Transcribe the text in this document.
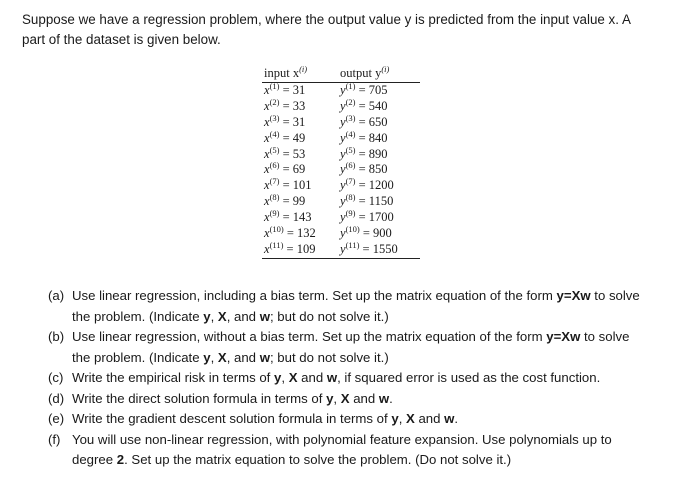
Suppose we have a regression problem, where the output value y is predicted from the input value x. A
part of the dataset is given below.
input $x^{(i)}$	output $y^{(i)}$
$x^{(1)} = 31$	$y^{(1)} = 705$
$x^{(2)} = 33$	$y^{(2)} = 540$
$x^{(3)} = 31$	$y^{(3)} = 650$
$x^{(4)} = 49$	$y^{(4)} = 840$
$x^{(5)} = 53$	$y^{(5)} = 890$
$x^{(6)} = 69$	$y^{(6)} = 850$
$x^{(7)} = 101$	$y^{(7)} = 1200$
$x^{(8)} = 99$	$y^{(8)} = 1150$
$x^{(9)} = 143$	$y^{(9)} = 1700$
$x^{(10)} = 132$	$y^{(10)} = 900$
$x^{(11)} = 109$	$y^{(11)} = 1550$
(a) Use linear regression, including a bias term. Set up the matrix equation of the form y=Xw to solve the problem. (Indicate y, X, and w; but do not solve it.)
(b) Use linear regression, without a bias term. Set up the matrix equation of the form y=Xw to solve the problem. (Indicate y, X, and w; but do not solve it.)
(c) Write the empirical risk in terms of y, X and w, if squared error is used as the cost function.
(d) Write the direct solution formula in terms of y, X and w.
(e) Write the gradient descent solution formula in terms of y, X and w.
(f) You will use non-linear regression, with polynomial feature expansion. Use polynomials up to degree 2. Set up the matrix equation to solve the problem. (Do not solve it.)
